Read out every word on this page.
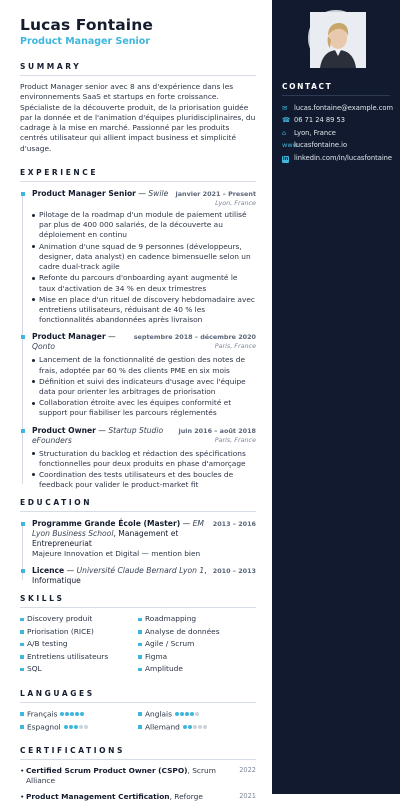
Lucas Fontaine
Product Manager Senior
SUMMARY

Product Manager senior avec 8 ans d'expérience dans les environnements SaaS et startups en forte croissance. Spécialiste de la découverte produit, de la priorisation guidée par la donnée et de l'animation d'équipes pluridisciplinaires, du cadrage à la mise en marché. Passionné par les produits centrés utilisateur qui allient impact business et simplicité d'usage.

EXPERIENCE
Product Manager Senior — Swile janvier 2021 – Present
Lyon, France
Pilotage de la roadmap d'un module de paiement utilisé par plus de 400 000 salariés, de la découverte au déploiement en continu
Animation d'une squad de 9 personnes (développeurs, designer, data analyst) en cadence bimensuelle selon un cadre dual-track agile
Refonte du parcours d'onboarding ayant augmenté le taux d'activation de 34 % en deux trimestres
Mise en place d'un rituel de discovery hebdomadaire avec entretiens utilisateurs, réduisant de 40 % les fonctionnalités abandonnées après livraison
Product Manager — Qonto
septembre 2018 – décembre 2020
Paris, France
Lancement de la fonctionnalité de gestion des notes de frais, adoptée par 60 % des clients PME en six mois
Définition et suivi des indicateurs d'usage avec l'équipe data pour orienter les arbitrages de priorisation
Collaboration étroite avec les équipes conformité et support pour fiabiliser les parcours réglementés
Product Owner — Startup Studio eFounders
juin 2016 – août 2018
Paris, France
Structuration du backlog et rédaction des spécifications fonctionnelles pour deux produits en phase d'amorçage
Coordination des tests utilisateurs et des boucles de feedback pour valider le product-market fit
EDUCATION
Programme Grande École (Master) — EM Lyon Business School, Management et Entrepreneuriat
2013 – 2016
Majeure Innovation et Digital — mention bien
Licence — Université Claude Bernard Lyon 1, Informatique
2010 – 2013
SKILLS
Discovery produit	Roadmapping
Priorisation (RICE)	Analyse de données
A/B testing	Agile / Scrum
Entretiens utilisateurs	Figma
SQL	Amplitude
LANGUAGES
Français	Anglais
Espagnol	Allemand
CERTIFICATIONS
• Certified Scrum Product Owner (CSPO), Scrum Alliance
2022
• Product Management Certification, Reforge	2021
CONTACT
✉ lucas.fontaine@example.com
☎ 06 71 24 89 53
⌂	Lyon, France
www
lucasfontaine.io
in linkedin.com/in/lucasfontaine
